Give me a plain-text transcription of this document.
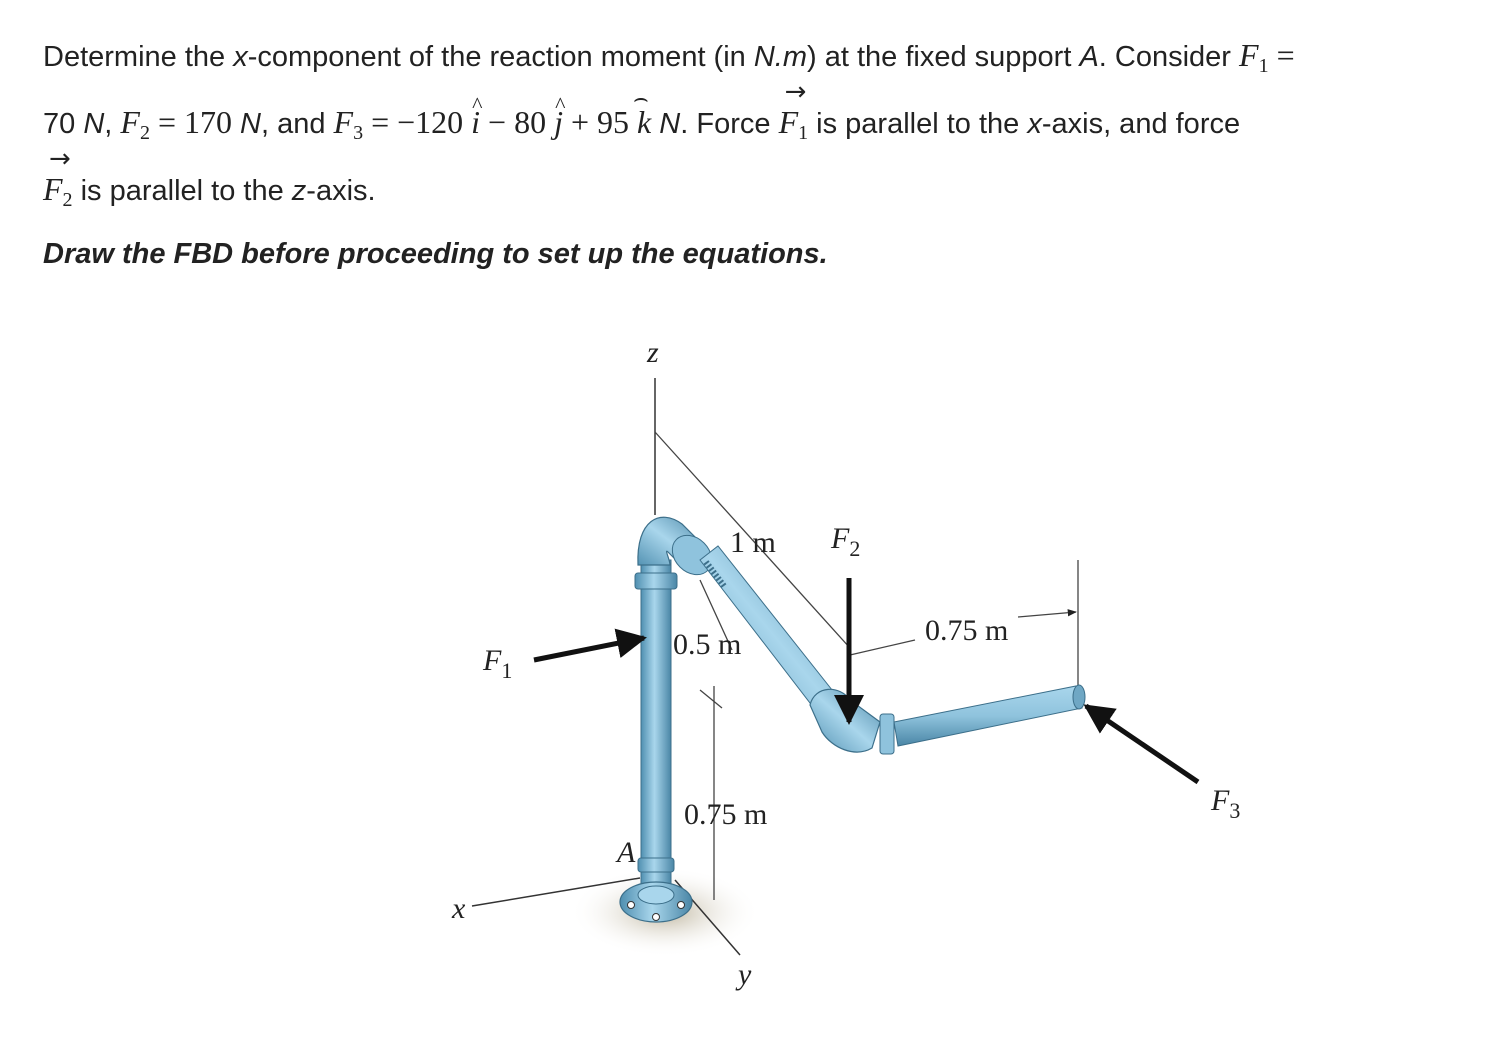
Determine the x-component of the reaction moment (in N.m) at the fixed support A. Consider $F_1$ =
70 N, $F_2 = 170$ N, and $F_3 = -120$ ^ i − 80 ^ j + 95 ⌢ k N. Force → $F_1$ is parallel to the x-axis, and force
→ $F_2$ is parallel to the z-axis.
Draw the FBD before proceeding to set up the equations.
z
x
y
A
1 m
0.5 m
0.75 m
0.75 m
$F_1$
$F_2$
$F_3$
